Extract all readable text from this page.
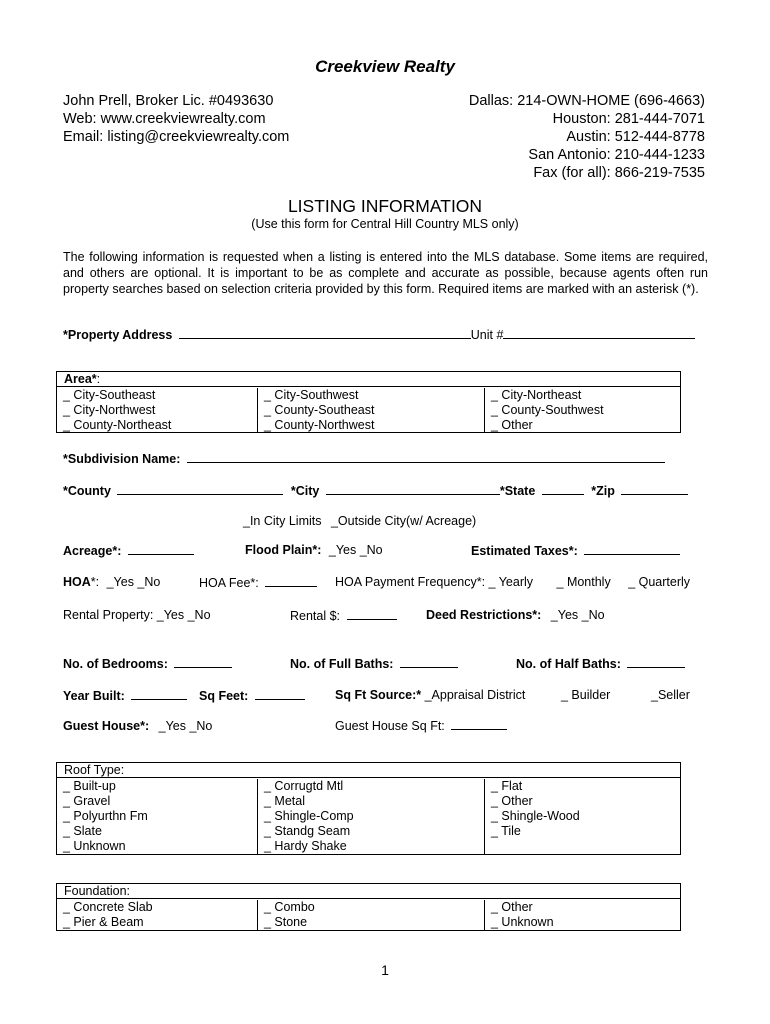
Creekview Realty
John Prell, Broker Lic. #0493630
Web: www.creekviewrealty.com
Email: listing@creekviewrealty.com
Dallas: 214-OWN-HOME (696-4663)
Houston: 281-444-7071
Austin: 512-444-8778
San Antonio: 210-444-1233
Fax (for all): 866-219-7535
LISTING INFORMATION
(Use this form for Central Hill Country MLS only)
The following information is requested when a listing is entered into the MLS database. Some items are required, and others are optional. It is important to be as complete and accurate as possible, because agents often run property searches based on selection criteria provided by this form. Required items are marked with an asterisk (*).
*Property Address	Unit #
Area*:
_ City-Southeast
_ City-Northwest
_ County-Northeast
_ City-Southwest
_ County-Southeast
_ County-Northwest
_ City-Northeast
_ County-Southwest
_ Other
*Subdivision Name:
*County	*City	*State	*Zip
_In City Limits _Outside City(w/ Acreage)
Acreage*:	Flood Plain*: _Yes _No	Estimated Taxes*:
HOA*: _Yes _No	HOA Fee*:	HOA Payment Frequency*: _ Yearly _ Monthly _ Quarterly
Rental Property: _Yes _No	Rental $:	Deed Restrictions*: _Yes _No
No. of Bedrooms:	No. of Full Baths:	No. of Half Baths:
Year Built:	Sq Feet:	Sq Ft Source:* _Appraisal District	_ Builder	_Seller
Guest House*: _Yes _No	Guest House Sq Ft:
Roof Type:
_ Built-up
_ Gravel
_ Polyurthn Fm
_ Slate
_ Unknown
_ Corrugtd Mtl
_ Metal
_ Shingle-Comp
_ Standg Seam
_ Hardy Shake
_ Flat
_ Other
_ Shingle-Wood
_ Tile
Foundation:
_ Concrete Slab
_ Pier & Beam
_ Combo
_ Stone
_ Other
_ Unknown
1
